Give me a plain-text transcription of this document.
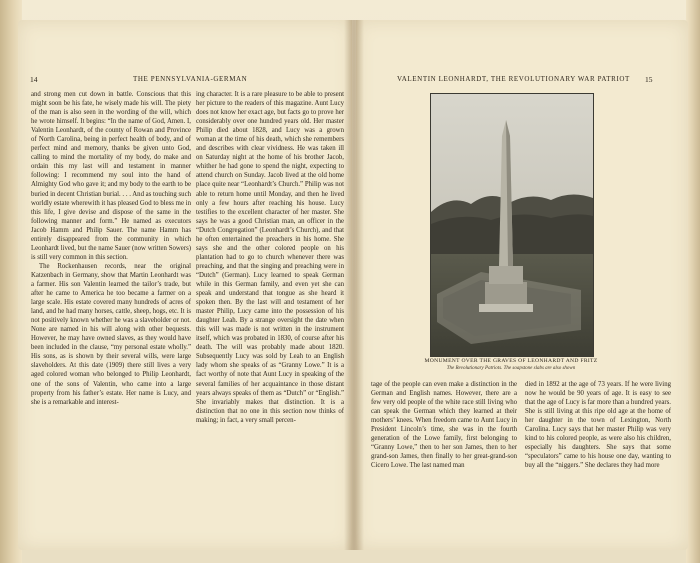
14	THE PENNSYLVANIA-GERMAN

and strong men cut down in battle. Conscious that this might soon be his fate, he wisely made his will. The piety of the man is also seen in the wording of the will, which he wrote himself. It begins: “In the name of God, Amen. I, Valentin Leonhardt, of the county of Rowan and Province of North Carolina, being in perfect health of body, and of perfect mind and memory, thanks be given unto God, calling to mind the mortality of my body, do make and ordain this my last will and testament in manner following: I recommend my soul into the hand of Almighty God who gave it; and my body to the earth to be buried in decent Christian burial. . . . And as touching such worldly estate wherewith it has pleased God to bless me in this life, I give devise and dispose of the same in the following manner and form.” He named as executors Jacob Hamm and Philip Sauer. The name Hamm has entirely disappeared from the community in which Leonhardt lived, but the name Sauer (now written Sowers) is still very common in this section.

The Rockenhausen records, near the original Katzenbach in Germany, show that Martin Leonhardt was a farmer. His son Valentin learned the tailor’s trade, but after he came to America he too became a farmer on a large scale. His estate covered many hundreds of acres of land, and he had many horses, cattle, sheep, hogs, etc. It is not positively known whether he was a slaveholder or not. None are named in his will along with other bequests. However, he may have owned slaves, as they would have been included in the clause, “my personal estate wholly.” His sons, as is shown by their several wills, were large slaveholders. At this date (1909) there still lives a very aged colored woman who belonged to Philip Leonhardt, one of the sons of Valentin, who came into a large property from his father’s estate. Her name is Lucy, and she is a remarkable and interest-

ing character. It is a rare pleasure to be able to present her picture to the readers of this magazine. Aunt Lucy does not know her exact age, but facts go to prove her considerably over one hundred years old. Her master Philip died about 1828, and Lucy was a grown woman at the time of his death, which she remembers and describes with clear vividness. He was taken ill on Saturday night at the home of his brother Jacob, whither he had gone to spend the night, expecting to attend church on Sunday. Jacob lived at the old home place quite near “Leonhardt’s Church.” Philip was not able to return home until Monday, and then he lived only a few hours after reaching his house. Lucy testifies to the excellent character of her master. She says he was a good Christian man, an officer in the “Dutch Congregation” (Leonhardt’s Church), and that he often entertained the preachers in his home. She says she and the other colored people on his plantation had to go to church whenever there was preaching, and that the singing and preaching were in “Dutch” (German). Lucy learned to speak German while in this German family, and even yet she can speak and understand that tongue as she heard it spoken then. By the last will and testament of her master Philip, Lucy came into the possession of his daughter Leah. By a strange oversight the date when this will was made is not written in the instrument itself, which was probated in 1830, of course after his death. The will was probably made about 1820. Subsequently Lucy was sold by Leah to an English lady whom she speaks of as “Granny Lowe.” It is a fact worthy of note that Aunt Lucy in speaking of the several families of her acquaintance in those distant years always speaks of them as “Dutch” or “English.” She invariably makes that distinction. It is a distinction that no one in this section now thinks of making; in fact, a very small percen-

VALENTIN LEONHARDT, THE REVOLUTIONARY WAR PATRIOT 15
MONUMENT OVER THE GRAVES OF LEONHARDT AND FRITZ
The Revolutionary Patriots. The soapstone slabs are also shown

tage of the people can even make a distinction in the German and English names. However, there are a few very old people of the white race still living who can speak the German which they learned at their mothers’ knees. When freedom came to Aunt Lucy in President Lincoln’s time, she was in the fourth generation of the Lowe family, first belonging to “Granny Lowe,” then to her son James, then to her grand-son James, then finally to her great-grand-son Cicero Lowe. The last named man

died in 1892 at the age of 73 years. If he were living now he would be 90 years of age. It is easy to see that the age of Lucy is far more than a hundred years. She is still living at this ripe old age at the home of her daughter in the town of Lexington, North Carolina. Lucy says that her master Philip was very kind to his colored people, as were also his children, especially his daughters. She says that some “speculators” came to his house one day, wanting to buy all the “niggers.” She declares they had more
